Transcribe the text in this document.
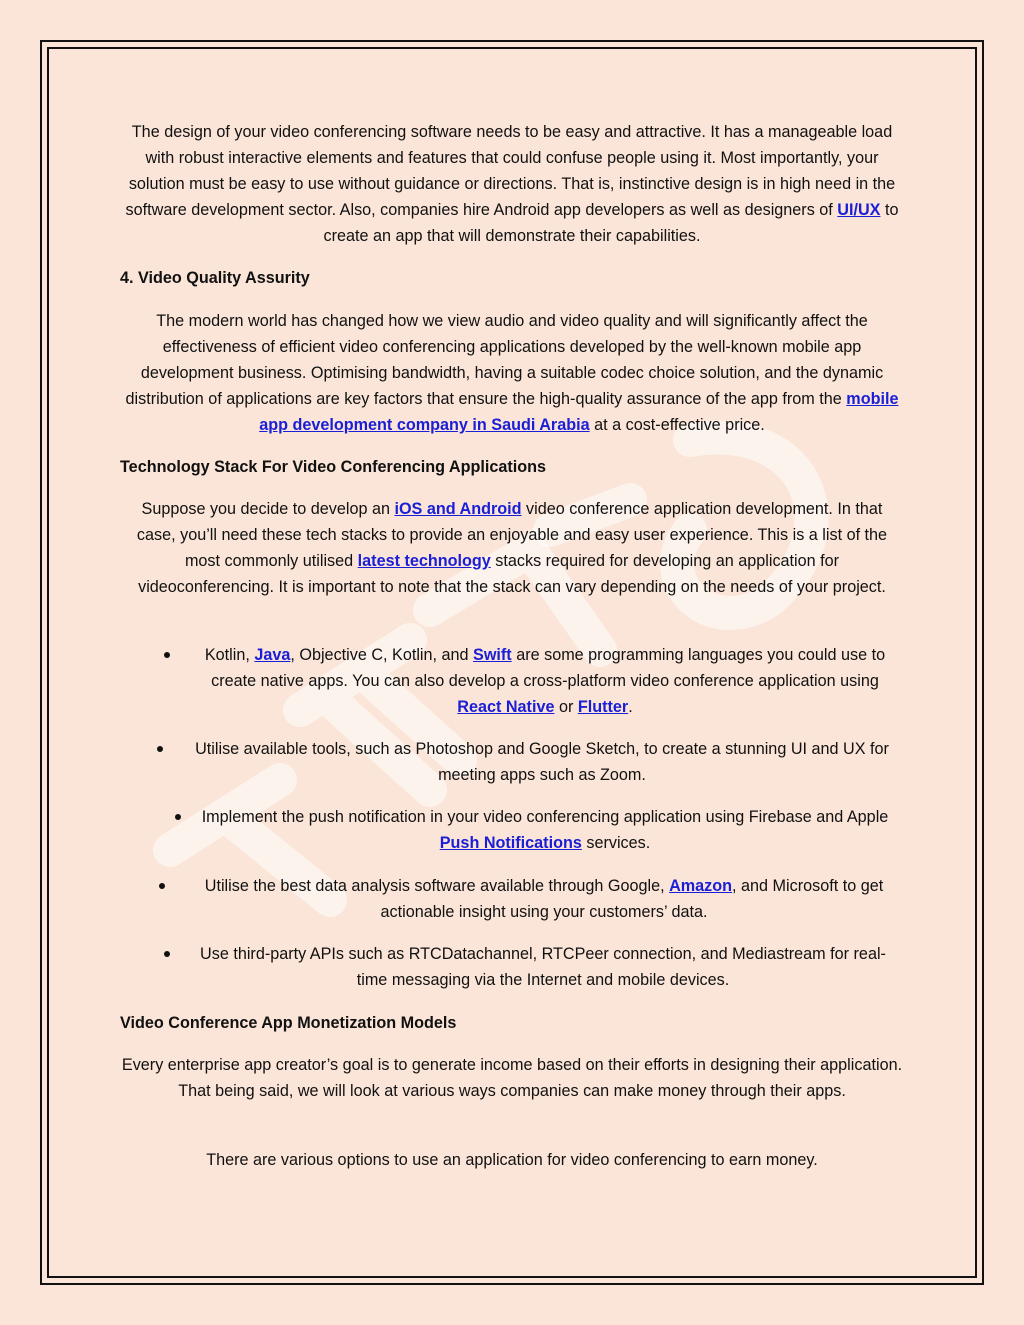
The design of your video conferencing software needs to be easy and attractive. It has a manageable load with robust interactive elements and features that could confuse people using it. Most importantly, your solution must be easy to use without guidance or directions. That is, instinctive design is in high need in the software development sector. Also, companies hire Android app developers as well as designers of UI/UX to create an app that will demonstrate their capabilities.

4. Video Quality Assurity

The modern world has changed how we view audio and video quality and will significantly affect the effectiveness of efficient video conferencing applications developed by the well-known mobile app development business. Optimising bandwidth, having a suitable codec choice solution, and the dynamic distribution of applications are key factors that ensure the high-quality assurance of the app from the mobile app development company in Saudi Arabia at a cost-effective price.

Technology Stack For Video Conferencing Applications

Suppose you decide to develop an iOS and Android video conference application development. In that case, you’ll need these tech stacks to provide an enjoyable and easy user experience. This is a list of the most commonly utilised latest technology stacks required for developing an application for videoconferencing. It is important to note that the stack can vary depending on the needs of your project.

Kotlin, Java, Objective C, Kotlin, and Swift are some programming languages you could use to create native apps. You can also develop a cross-platform video conference application using React Native or Flutter.

Utilise available tools, such as Photoshop and Google Sketch, to create a stunning UI and UX for meeting apps such as Zoom.

Implement the push notification in your video conferencing application using Firebase and Apple Push Notifications services.

Utilise the best data analysis software available through Google, Amazon, and Microsoft to get actionable insight using your customers’ data.

Use third-party APIs such as RTCDatachannel, RTCPeer connection, and Mediastream for real-time messaging via the Internet and mobile devices.

Video Conference App Monetization Models

Every enterprise app creator’s goal is to generate income based on their efforts in designing their application. That being said, we will look at various ways companies can make money through their apps.

There are various options to use an application for video conferencing to earn money.
